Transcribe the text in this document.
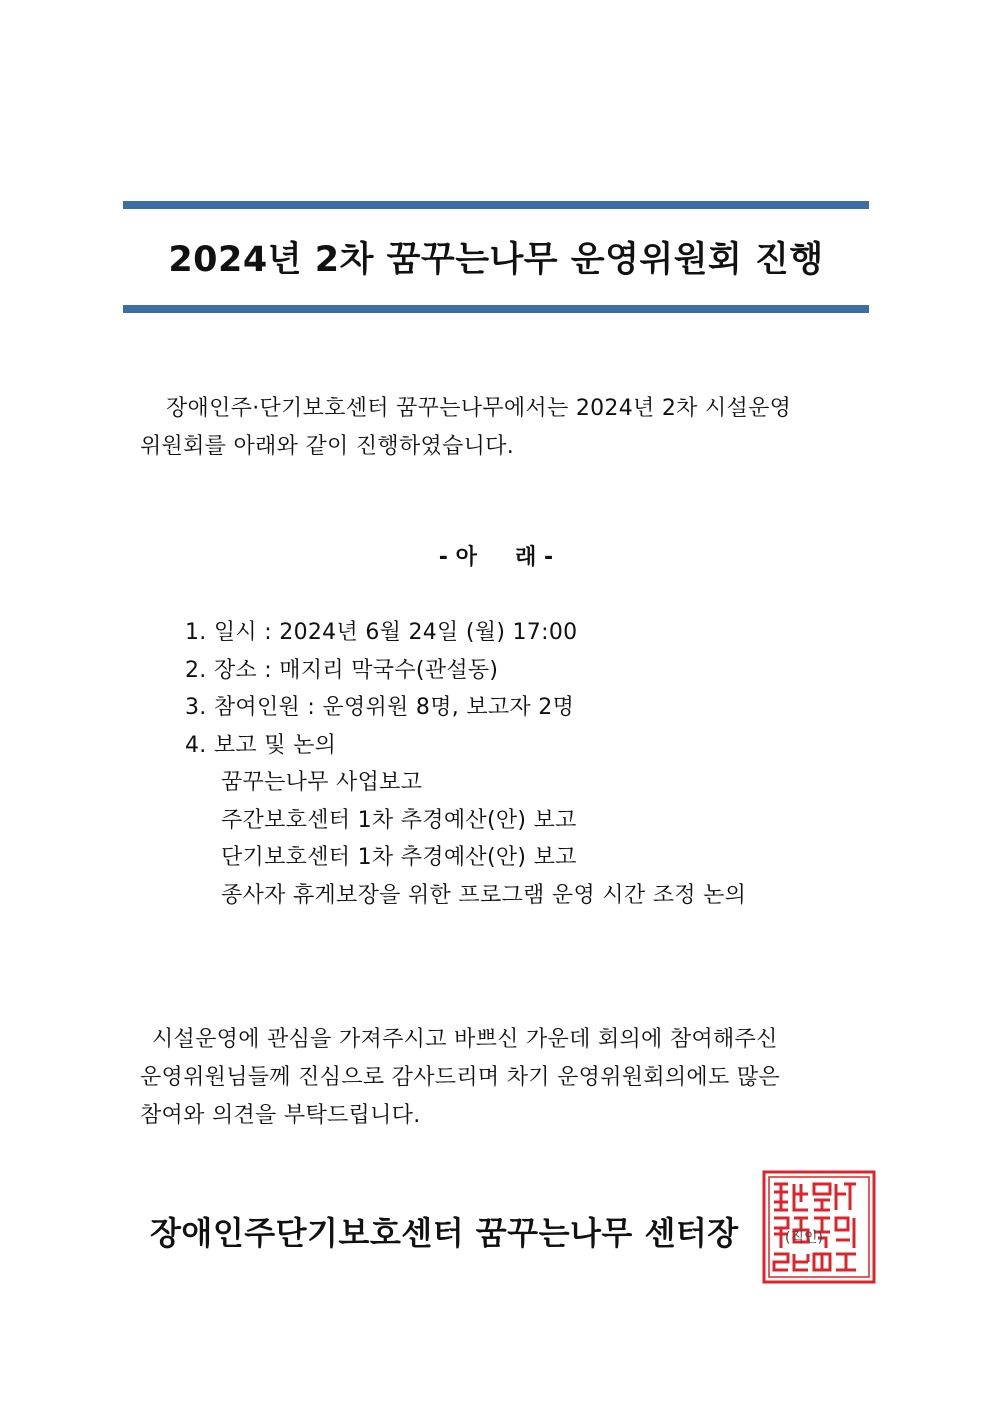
2024년 2차 꿈꾸는나무 운영위원회 진행
장애인주·단기보호센터 꿈꾸는나무에서는 2024년 2차 시설운영
위원회를 아래와 같이 진행하였습니다.
- 아     래 -
1. 일시 : 2024년 6월 24일 (월) 17:00
2. 장소 : 매지리 막국수(관설동)
3. 참여인원 : 운영위원 8명, 보고자 2명
4. 보고 및 논의
꿈꾸는나무 사업보고
주간보호센터 1차 추경예산(안) 보고
단기보호센터 1차 추경예산(안) 보고
종사자 휴게보장을 위한 프로그램 운영 시간 조정 논의
시설운영에 관심을 가져주시고 바쁘신 가운데 회의에 참여해주신
운영위원님들께 진심으로 감사드리며 차기 운영위원회의에도 많은
참여와 의견을 부탁드립니다.
장애인주단기보호센터 꿈꾸는나무 센터장	(직인)
